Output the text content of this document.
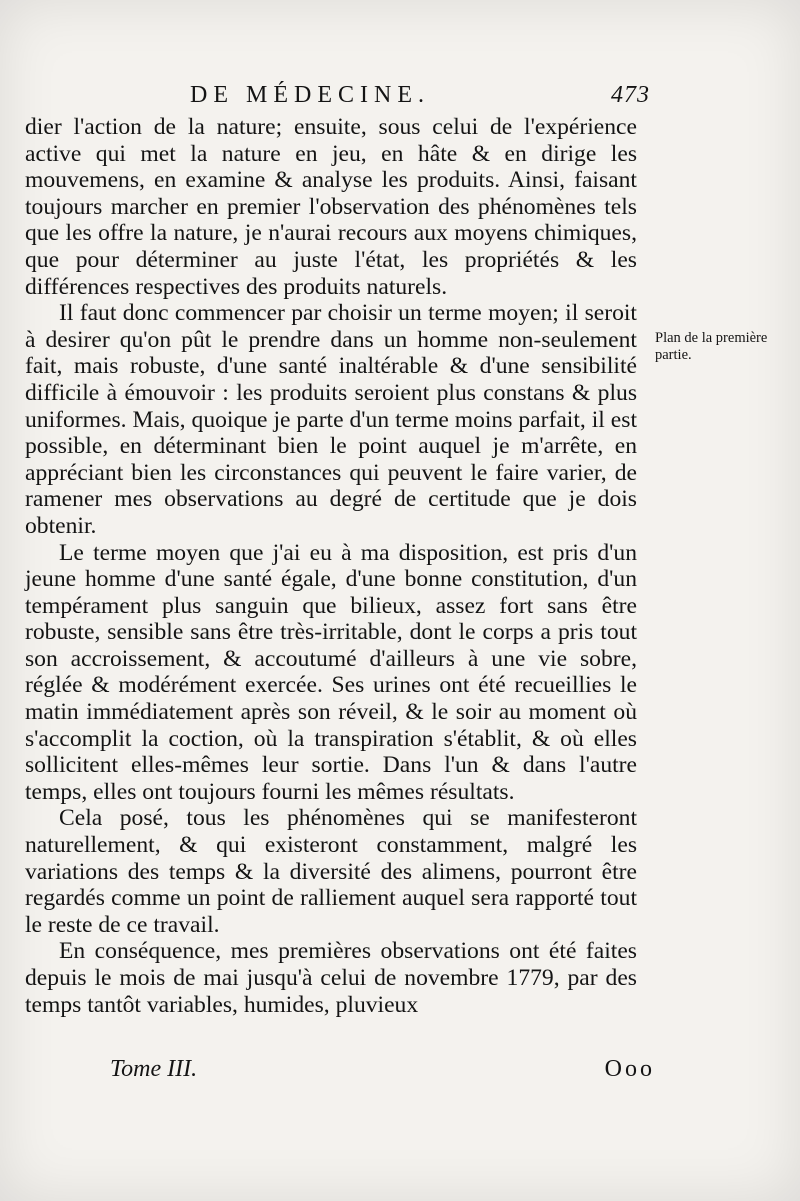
DE MÉDECINE.	473

dier l'action de la nature; ensuite, sous celui de l'expérience active qui met la nature en jeu, en hâte & en dirige les mouvemens, en examine & analyse les produits. Ainsi, faisant toujours marcher en premier l'observation des phénomènes tels que les offre la nature, je n'aurai recours aux moyens chimiques, que pour déterminer au juste l'état, les propriétés & les différences respectives des produits naturels.

Il faut donc commencer par choisir un terme moyen; il seroit à desirer qu'on pût le prendre dans un homme non-seulement fait, mais robuste, d'une santé inaltérable & d'une sensibilité difficile à émouvoir : les produits seroient plus constans & plus uniformes. Mais, quoique je parte d'un terme moins parfait, il est possible, en déterminant bien le point auquel je m'arrête, en appréciant bien les circonstances qui peuvent le faire varier, de ramener mes observations au degré de certitude que je dois obtenir.

Le terme moyen que j'ai eu à ma disposition, est pris d'un jeune homme d'une santé égale, d'une bonne constitution, d'un tempérament plus sanguin que bilieux, assez fort sans être robuste, sensible sans être très-irritable, dont le corps a pris tout son accroissement, & accoutumé d'ailleurs à une vie sobre, réglée & modérément exercée. Ses urines ont été recueillies le matin immédiatement après son réveil, & le soir au moment où s'accomplit la coction, où la transpiration s'établit, & où elles sollicitent elles-mêmes leur sortie. Dans l'un & dans l'autre temps, elles ont toujours fourni les mêmes résultats.

Cela posé, tous les phénomènes qui se manifesteront naturellement, & qui existeront constamment, malgré les variations des temps & la diversité des alimens, pourront être regardés comme un point de ralliement auquel sera rapporté tout le reste de ce travail.

En conséquence, mes premières observations ont été faites depuis le mois de mai jusqu'à celui de novembre 1779, par des temps tantôt variables, humides, pluvieux

Plan de la première partie.
Tome III.	Ooo
